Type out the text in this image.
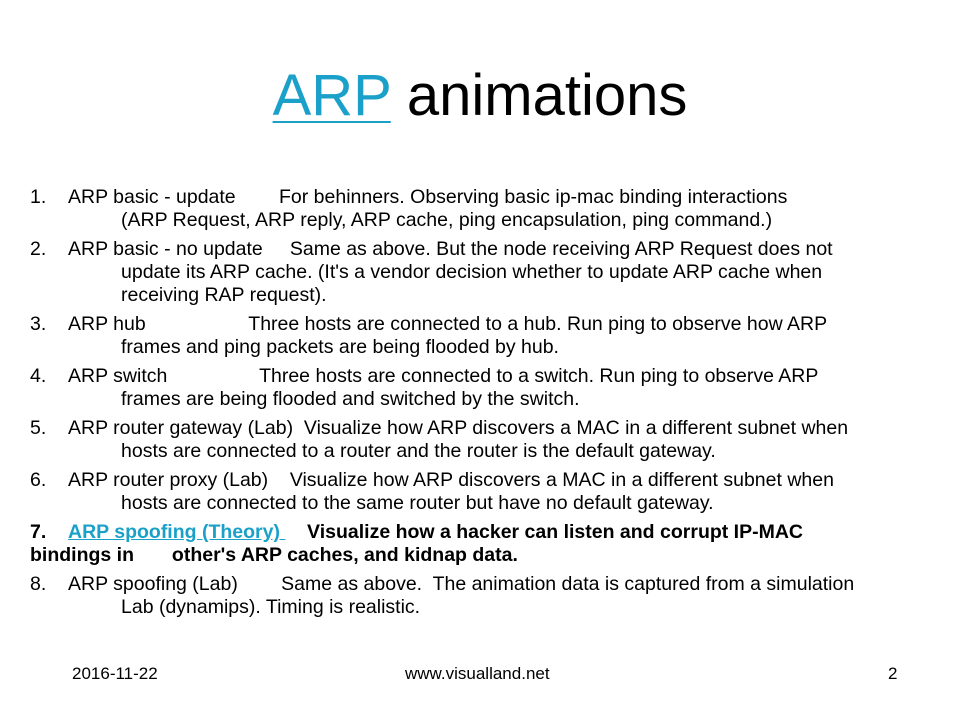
ARP animations
1. ARP basic - update        For behinners. Observing basic ip-mac binding interactions
(ARP Request, ARP reply, ARP cache, ping encapsulation, ping command.)
2. ARP basic - no update     Same as above. But the node receiving ARP Request does not
update its ARP cache. (It's a vendor decision whether to update ARP cache when
receiving RAP request).
3. ARP hub                   Three hosts are connected to a hub. Run ping to observe how ARP
frames and ping packets are being flooded by hub.
4. ARP switch                 Three hosts are connected to a switch. Run ping to observe ARP
frames are being flooded and switched by the switch.
5. ARP router gateway (Lab)  Visualize how ARP discovers a MAC in a different subnet when
hosts are connected to a router and the router is the default gateway.
6. ARP router proxy (Lab)    Visualize how ARP discovers a MAC in a different subnet when
hosts are connected to the same router but have no default gateway.
7. ARP spoofing (Theory)     Visualize how a hacker can listen and corrupt IP-MAC
bindings in       other's ARP caches, and kidnap data.
8. ARP spoofing (Lab)        Same as above.  The animation data is captured from a simulation
Lab (dynamips). Timing is realistic.
2016-11-22	www.visualland.net	2
